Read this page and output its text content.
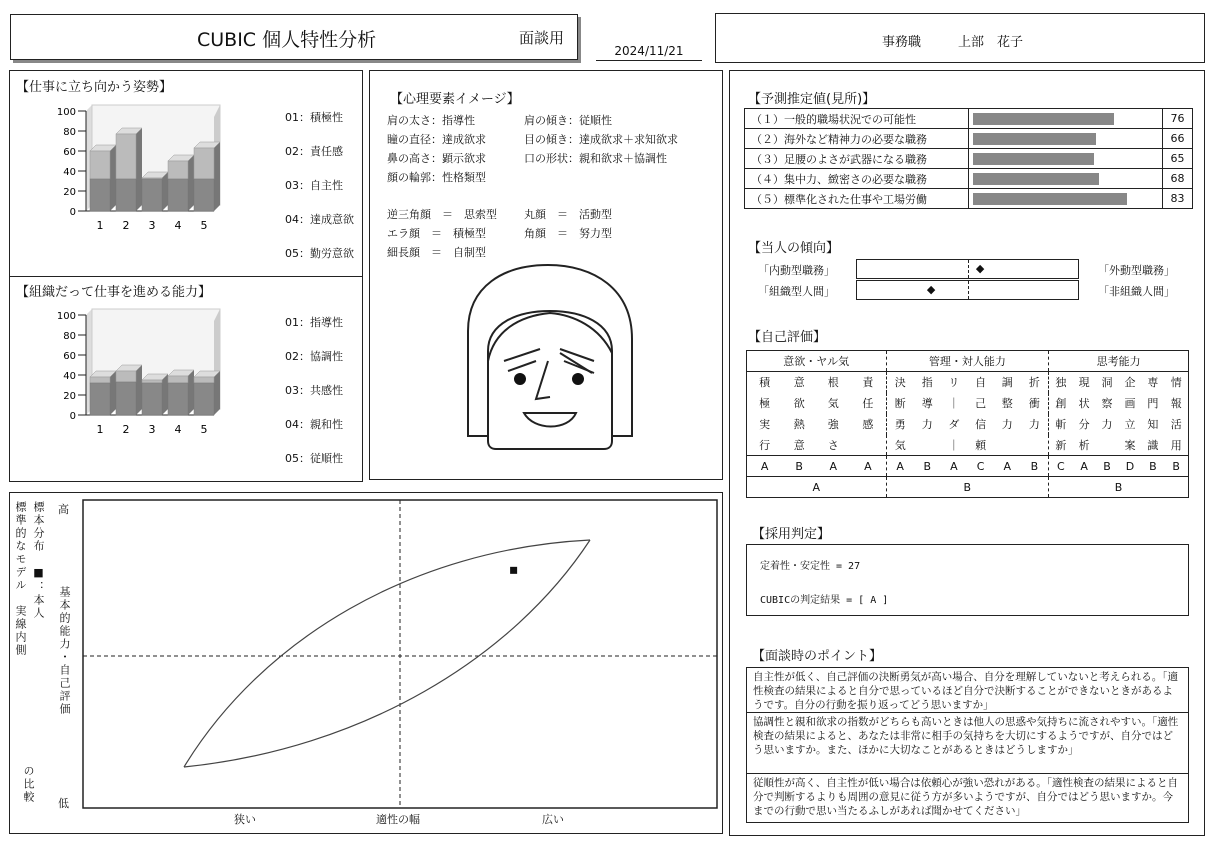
CUBIC 個人特性分析	面談用
2024/11/21
事務職	上部　花子
【仕事に立ち向かう姿勢】
100
80
60
40
20
0
1 2 3 4 5
01：積極性
02：責任感
03：自主性
04：達成意欲
05：勤労意欲
【組織だって仕事を進める能力】
100
80
60
40
20
0
1 2 3 4 5
01：指導性
02：協調性
03：共感性
04：親和性
05：従順性
【心理要素イメージ】
肩の太さ：指導性
瞳の直径：達成欲求
鼻の高さ：顕示欲求
顔の輪郭：性格類型
肩の傾き：従順性
目の傾き：達成欲求＋求知欲求
口の形状：親和欲求＋協調性
逆三角顔　＝　思索型 丸顔　＝　活動型
エラ顔　＝　積極型	角顔　＝　努力型
細長顔　＝　自制型
標準的なモデル　実線内側 標本分布　■：本人
の比較
基本的能力・自己評価
高
低
狭い	適性の幅	広い
【予測推定値(見所)】
（１）一般的職場状況での可能性		76
（２）海外など精神力の必要な職務		66
（３）足腰のよさが武器になる職務		65
（４）集中力、緻密さの必要な職務		68
（５）標準化された仕事や工場労働		83
【当人の傾向】
「内動型職務」	◆	「外動型職務」
「組織型人間」	◆	「非組織人間」
【自己評価】
意欲・ヤル気				管理・対人能力						思考能力					
積	意	根	責	決	指	リ	自	調	折	独	現	洞	企	専	情
極	欲	気	任	断	導	｜	己	整	衝	創	状	察	画	門	報
実	熱	強	感	勇	力	ダ	信	力	力	斬	分	力	立	知	活
行	意	さ		気		｜	頼			新	析		案	識	用
A	B	A	A	A	B	A	C	A	B	C	A	B	D	B	B
A				B						B					
【採用判定】
定着性・安定性 = 27
CUBICの判定結果 = [ A ]
【面談時のポイント】
自主性が低く、自己評価の決断勇気が高い場合、自分を理解していないと考えられる。「適性検査の結果によると自分で思っているほど自分で決断することができないときがあるようです。自分の行動を振り返ってどう思いますか」
協調性と親和欲求の指数がどちらも高いときは他人の思惑や気持ちに流されやすい。「適性検査の結果によると、あなたは非常に相手の気持ちを大切にするようですが、自分ではどう思いますか。また、ほかに大切なことがあるときはどうしますか」
従順性が高く、自主性が低い場合は依頼心が強い恐れがある。「適性検査の結果によると自分で判断するよりも周囲の意見に従う方が多いようですが、自分ではどう思いますか。今までの行動で思い当たるふしがあれば聞かせてください」
